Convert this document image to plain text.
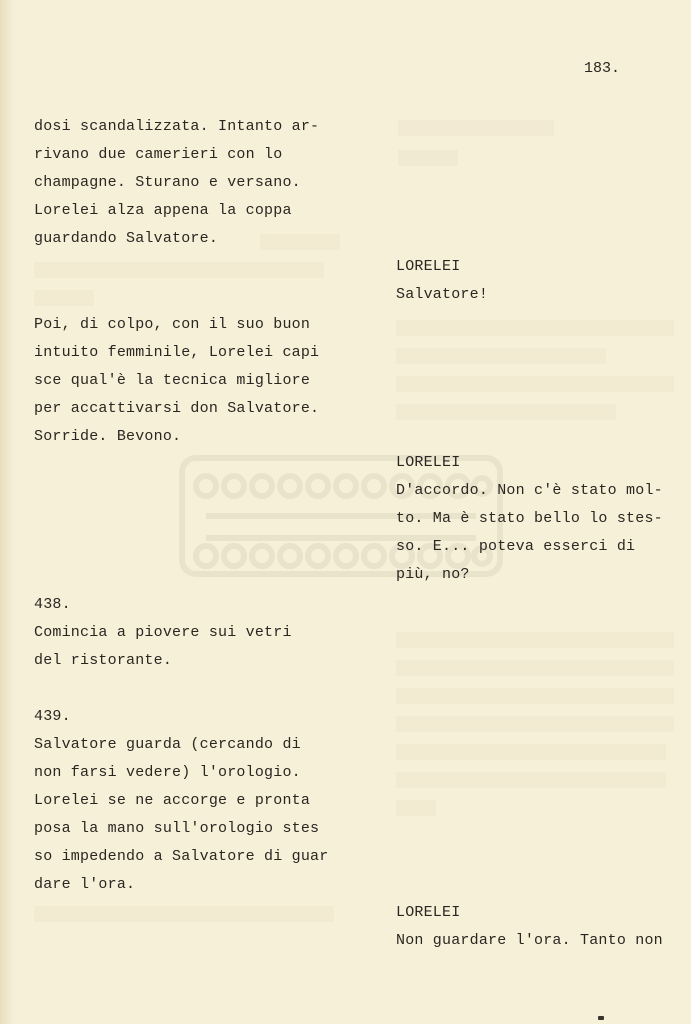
183.
dosi scandalizzata. Intanto ar-
rivano due camerieri con lo
champagne. Sturano e versano.
Lorelei alza appena la coppa
guardando Salvatore.
Poi, di colpo, con il suo buon
intuito femminile, Lorelei capi
sce qual'è la tecnica migliore
per accattivarsi don Salvatore.
Sorride. Bevono.
438.
Comincia a piovere sui vetri
del ristorante.
439.
Salvatore guarda (cercando di
non farsi vedere) l'orologio.
Lorelei se ne accorge e pronta
posa la mano sull'orologio stes
so impedendo a Salvatore di guar
dare l'ora.
LORELEI
Salvatore!
LORELEI
D'accordo. Non c'è stato mol-
to. Ma è stato bello lo stes-
so. E... poteva esserci di
più, no?
LORELEI
Non guardare l'ora. Tanto non
